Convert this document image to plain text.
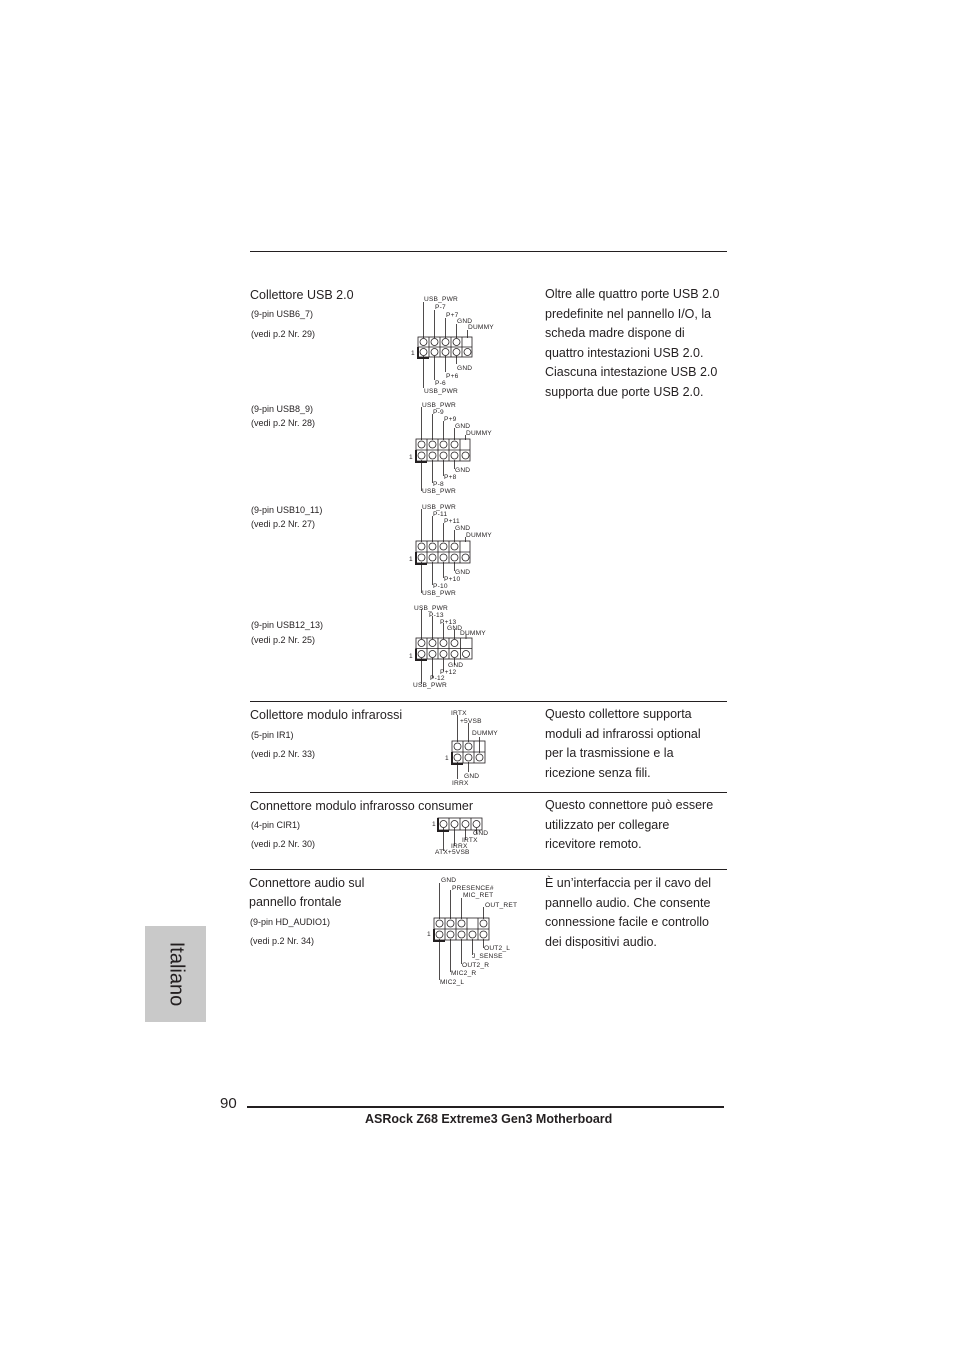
Collettore USB 2.0
(9-pin USB6_7)
(vedi p.2 Nr. 29)
USB_PWR
P-7
P+7
GND
DUMMY
GND
P+6
P-6
USB_PWR
1
(9-pin USB8_9)
(vedi p.2 Nr. 28)
USB_PWR
P-9
P+9
GND
DUMMY
GND
P+8
P-8
USB_PWR
1
(9-pin USB10_11)
(vedi p.2 Nr. 27)
USB_PWR
P-11
P+11
GND
DUMMY
GND
P+10
P-10
USB_PWR
1
(9-pin USB12_13)
(vedi p.2 Nr. 25)
USB_PWR
P-13
P+13
GND
DUMMY
GND
P+12
P-12
USB_PWR
1

Oltre alle quattro porte USB 2.0

predefinite nel pannello I/O, la

scheda madre dispone di

quattro intestazioni USB 2.0.

Ciascuna intestazione USB 2.0

supporta due porte USB 2.0.

Collettore modulo infrarossi
(5-pin IR1)
(vedi p.2 Nr. 33)
IRTX
+5VSB
DUMMY
GND
IRRX
1

Questo collettore supporta

moduli ad infrarossi optional

per la trasmissione e la

ricezione senza fili.

Connettore modulo infrarosso consumer
(4-pin CIR1)
(vedi p.2 Nr. 30)
GND
IRTX
IRRX
ATX+5VSB
1

Questo connettore può essere

utilizzato per collegare

ricevitore remoto.

Connettore audio sul
pannello frontale
(9-pin HD_AUDIO1)
(vedi p.2 Nr. 34)
GND
PRESENCE#
MIC_RET
OUT_RET
OUT2_L
J_SENSE
OUT2_R
MIC2_R
MIC2_L
1

È un’interfaccia per il cavo del

pannello audio. Che consente

connessione facile e controllo

dei dispositivi audio.

Italiano
90
ASRock Z68 Extreme3 Gen3 Motherboard
